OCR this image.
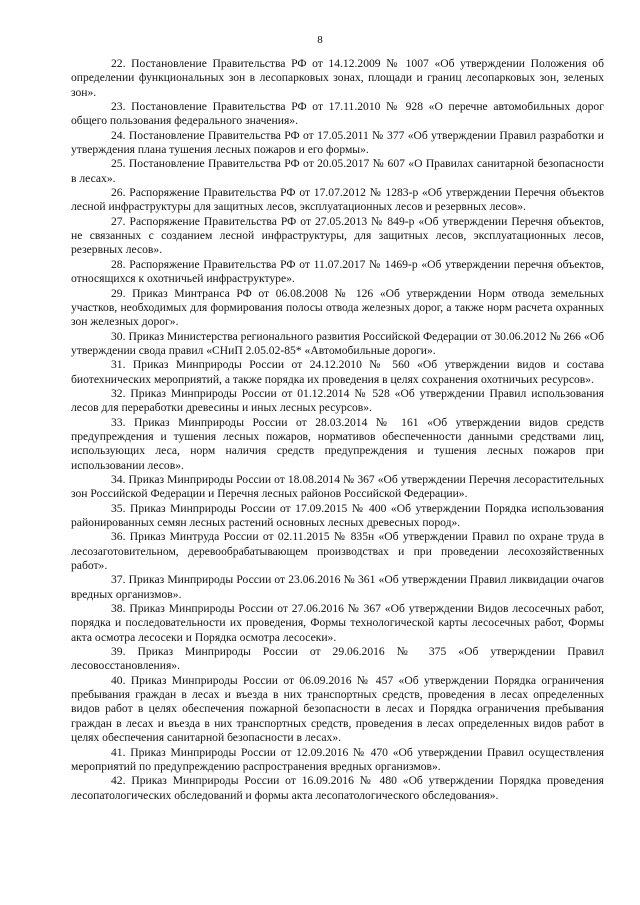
8

22. Постановление Правительства РФ от 14.12.2009 № 1007 «Об утверждении Положения об определении функциональных зон в лесопарковых зонах, площади и границ лесопарковых зон, зеленых зон».

23. Постановление Правительства РФ от 17.11.2010 № 928 «О перечне автомобильных дорог общего пользования федерального значения».

24. Постановление Правительства РФ от 17.05.2011 № 377 «Об утверждении Правил разработки и утверждения плана тушения лесных пожаров и его формы».

25. Постановление Правительства РФ от 20.05.2017 № 607 «О Правилах санитарной безопасности в лесах».

26. Распоряжение Правительства РФ от 17.07.2012 № 1283-р «Об утверждении Перечня объектов лесной инфраструктуры для защитных лесов, эксплуатационных лесов и резервных лесов».

27. Распоряжение Правительства РФ от 27.05.2013 № 849-р «Об утверждении Перечня объектов, не связанных с созданием лесной инфраструктуры, для защитных лесов, эксплуатационных лесов, резервных лесов».

28. Распоряжение Правительства РФ от 11.07.2017 № 1469-р «Об утверждении перечня объектов, относящихся к охотничьей инфраструктуре».

29. Приказ Минтранса РФ от 06.08.2008 № 126 «Об утверждении Норм отвода земельных участков, необходимых для формирования полосы отвода железных дорог, а также норм расчета охранных зон железных дорог».

30. Приказ Министерства регионального развития Российской Федерации от 30.06.2012 № 266 «Об утверждении свода правил «СНиП 2.05.02-85* «Автомобильные дороги».

31. Приказ Минприроды России от 24.12.2010 № 560 «Об утверждении видов и состава биотехнических мероприятий, а также порядка их проведения в целях сохранения охотничьих ресурсов».

32. Приказ Минприроды России от 01.12.2014 № 528 «Об утверждении Правил использования лесов для переработки древесины и иных лесных ресурсов».

33. Приказ Минприроды России от 28.03.2014 № 161 «Об утверждении видов средств предупреждения и тушения лесных пожаров, нормативов обеспеченности данными средствами лиц, использующих леса, норм наличия средств предупреждения и тушения лесных пожаров при использовании лесов».

34. Приказ Минприроды России от 18.08.2014 № 367 «Об утверждении Перечня лесорастительных зон Российской Федерации и Перечня лесных районов Российской Федерации».

35. Приказ Минприроды России от 17.09.2015 № 400 «Об утверждении Порядка использования районированных семян лесных растений основных лесных древесных пород».

36. Приказ Минтруда России от 02.11.2015 № 835н «Об утверждении Правил по охране труда в лесозаготовительном, деревообрабатывающем производствах и при проведении лесохозяйственных работ».

37. Приказ Минприроды России от 23.06.2016 № 361 «Об утверждении Правил ликвидации очагов вредных организмов».

38. Приказ Минприроды России от 27.06.2016 № 367 «Об утверждении Видов лесосечных работ, порядка и последовательности их проведения, Формы технологической карты лесосечных работ, Формы акта осмотра лесосеки и Порядка осмотра лесосеки».

39. Приказ Минприроды России от 29.06.2016 № 375 «Об утверждении Правил лесовосстановления».

40. Приказ Минприроды России от 06.09.2016 № 457 «Об утверждении Порядка ограничения пребывания граждан в лесах и въезда в них транспортных средств, проведения в лесах определенных видов работ в целях обеспечения пожарной безопасности в лесах и Порядка ограничения пребывания граждан в лесах и въезда в них транспортных средств, проведения в лесах определенных видов работ в целях обеспечения санитарной безопасности в лесах».

41. Приказ Минприроды России от 12.09.2016 № 470 «Об утверждении Правил осуществления мероприятий по предупреждению распространения вредных организмов».

42. Приказ Минприроды России от 16.09.2016 № 480 «Об утверждении Порядка проведения лесопатологических обследований и формы акта лесопатологического обследования».
